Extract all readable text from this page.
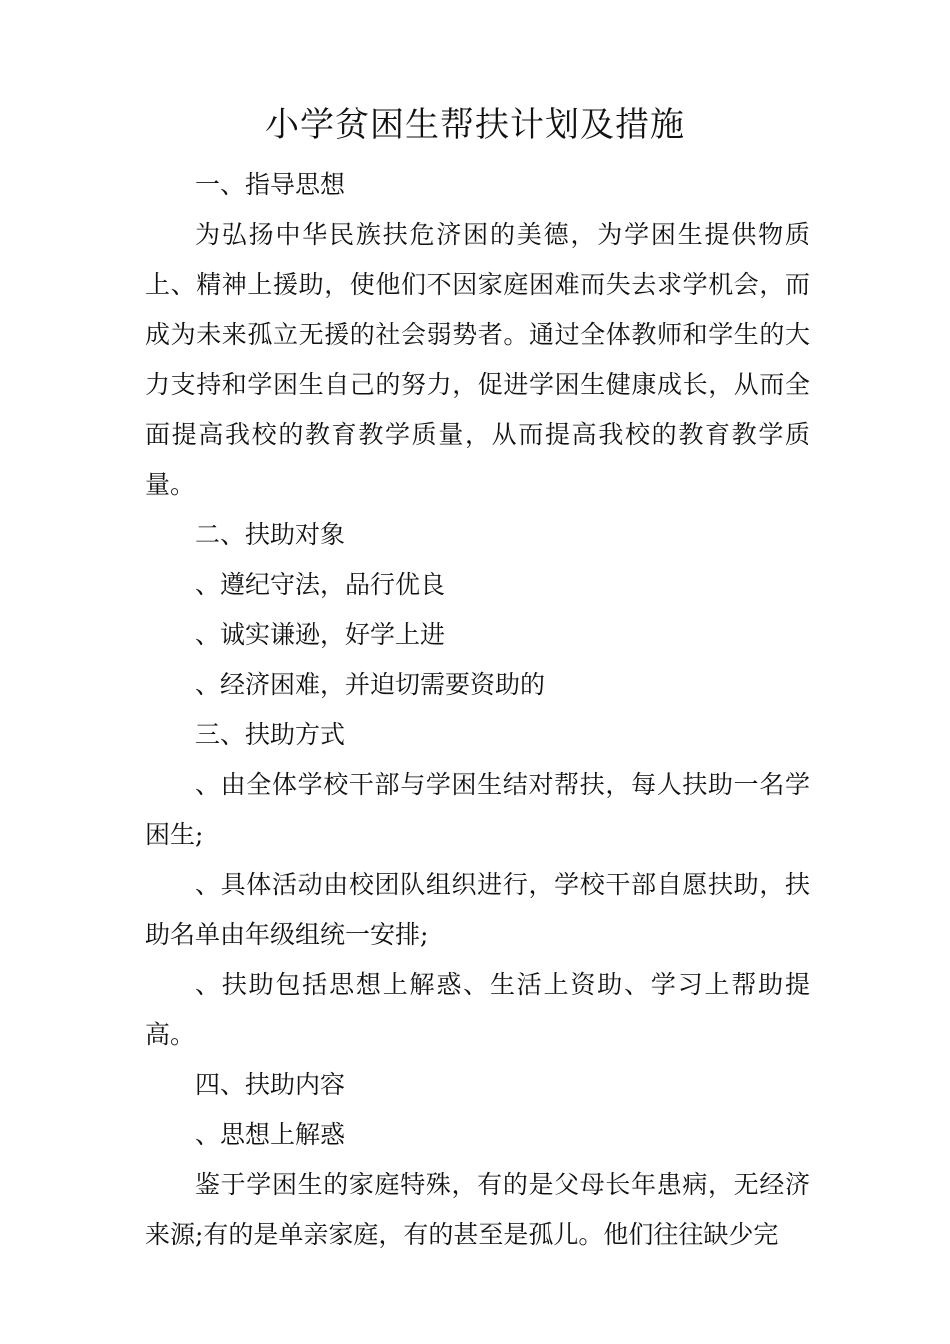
小学贫困生帮扶计划及措施

一、指导思想

为弘扬中华民族扶危济困的美德，为学困生提供物质上、精神上援助，使他们不因家庭困难而失去求学机会，而成为未来孤立无援的社会弱势者。通过全体教师和学生的大力支持和学困生自己的努力，促进学困生健康成长，从而全面提高我校的教育教学质量，从而提高我校的教育教学质量。

二、扶助对象

、遵纪守法，品行优良

、诚实谦逊，好学上进

、经济困难，并迫切需要资助的

三、扶助方式

、由全体学校干部与学困生结对帮扶，每人扶助一名学困生;

、具体活动由校团队组织进行，学校干部自愿扶助，扶助名单由年级组统一安排;

、扶助包括思想上解惑、生活上资助、学习上帮助提高。

四、扶助内容

、思想上解惑

鉴于学困生的家庭特殊，有的是父母长年患病，无经济来源;有的是单亲家庭，有的甚至是孤儿。他们往往缺少完
